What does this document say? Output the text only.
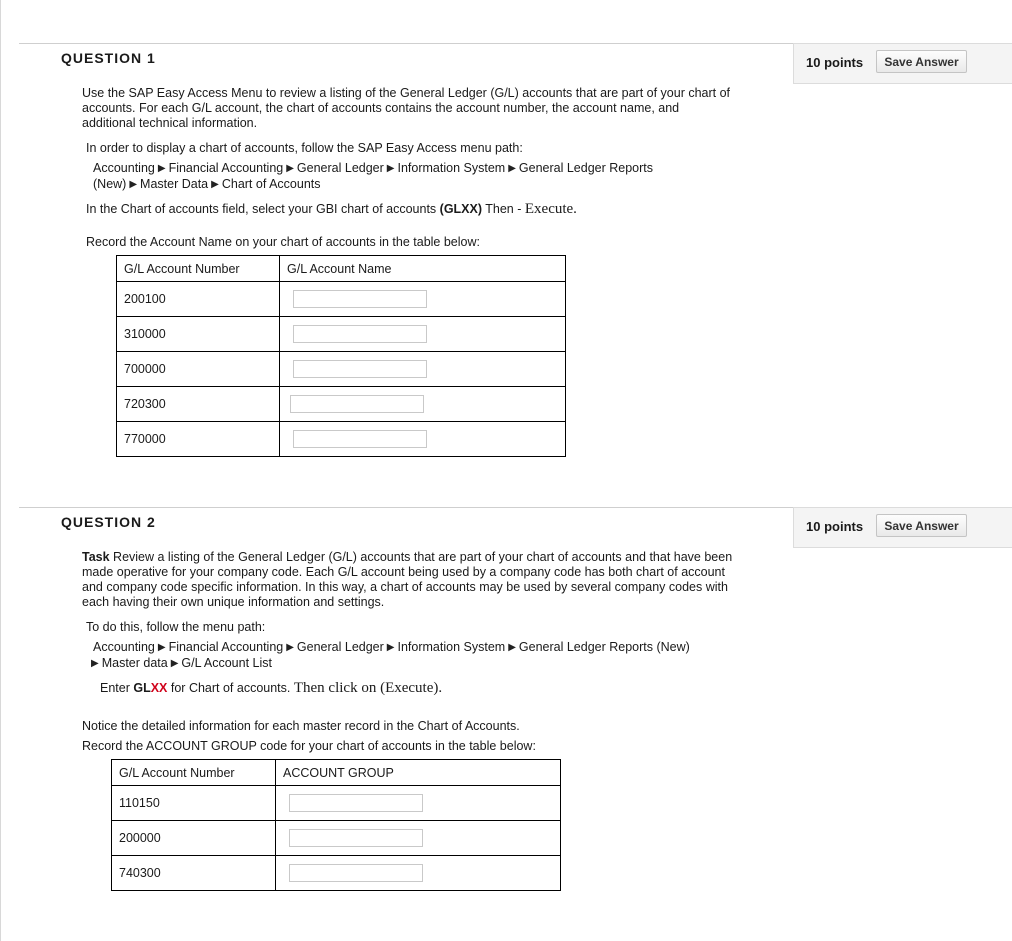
QUESTION 1	10 points	Save Answer
Use the SAP Easy Access Menu to review a listing of the General Ledger (G/L) accounts that are part of your chart of
accounts. For each G/L account, the chart of accounts contains the account number, the account name, and
additional technical information.
In order to display a chart of accounts, follow the SAP Easy Access menu path:
Accounting ▶ Financial Accounting ▶ General Ledger ▶ Information System ▶ General Ledger Reports
(New) ▶ Master Data ▶ Chart of Accounts
In the Chart of accounts field, select your GBI chart of accounts (GLXX) Then - Execute.
Record the Account Name on your chart of accounts in the table below:
G/L Account Number	G/L Account Name
200100	
310000	
700000	
720300	
770000	
QUESTION 2	10 points	Save Answer
Task Review a listing of the General Ledger (G/L) accounts that are part of your chart of accounts and that have been
made operative for your company code. Each G/L account being used by a company code has both chart of account
and company code specific information. In this way, a chart of accounts may be used by several company codes with
each having their own unique information and settings.
To do this, follow the menu path:
Accounting ▶ Financial Accounting ▶ General Ledger ▶ Information System ▶ General Ledger Reports (New)
▶ Master data ▶ G/L Account List
Enter GLXX for Chart of accounts. Then click on (Execute).
Notice the detailed information for each master record in the Chart of Accounts.
Record the ACCOUNT GROUP code for your chart of accounts in the table below:
G/L Account Number	ACCOUNT GROUP
110150	
200000	
740300	
